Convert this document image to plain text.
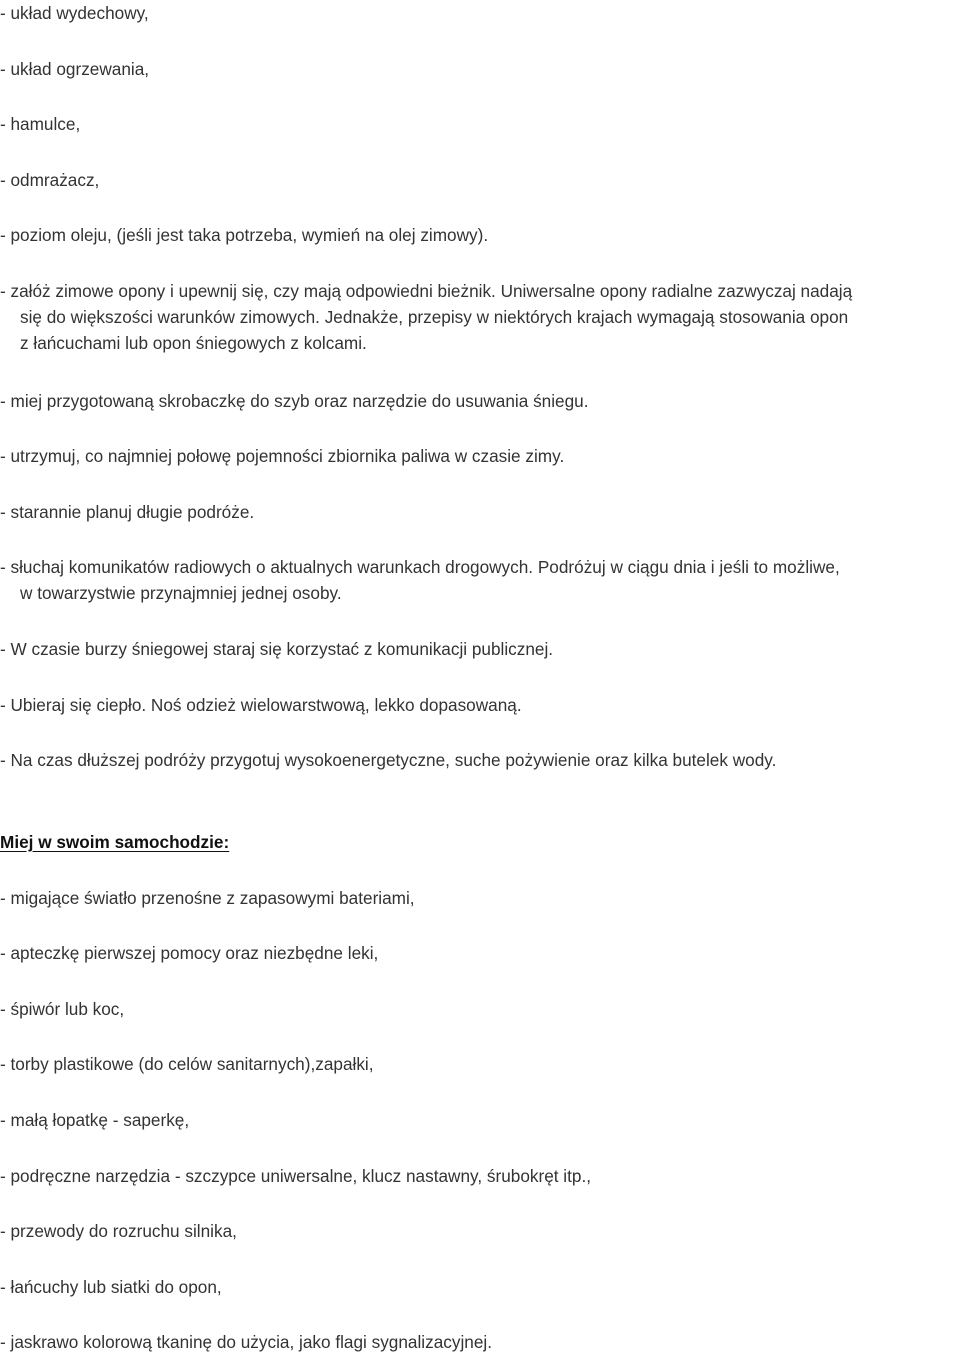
- układ wydechowy,

- układ ogrzewania,

- hamulce,

- odmrażacz,

- poziom oleju, (jeśli jest taka potrzeba, wymień na olej zimowy).

- załóż zimowe opony i upewnij się, czy mają odpowiedni bieżnik. Uniwersalne opony radialne zazwyczaj nadają
się do większości warunków zimowych. Jednakże, przepisy w niektórych krajach wymagają stosowania opon
z łańcuchami lub opon śniegowych z kolcami.

- miej przygotowaną skrobaczkę do szyb oraz narzędzie do usuwania śniegu.

- utrzymuj, co najmniej połowę pojemności zbiornika paliwa w czasie zimy.

- starannie planuj długie podróże.

- słuchaj komunikatów radiowych o aktualnych warunkach drogowych. Podróżuj w ciągu dnia i jeśli to możliwe,
w towarzystwie przynajmniej jednej osoby.

- W czasie burzy śniegowej staraj się korzystać z komunikacji publicznej.

- Ubieraj się ciepło. Noś odzież wielowarstwową, lekko dopasowaną.

- Na czas dłuższej podróży przygotuj wysokoenergetyczne, suche pożywienie oraz kilka butelek wody.

Miej w swoim samochodzie:

- migające światło przenośne z zapasowymi bateriami,

- apteczkę pierwszej pomocy oraz niezbędne leki,

- śpiwór lub koc,

- torby plastikowe (do celów sanitarnych),zapałki,

- małą łopatkę - saperkę,

- podręczne narzędzia - szczypce uniwersalne, klucz nastawny, śrubokręt itp.,

- przewody do rozruchu silnika,

- łańcuchy lub siatki do opon,

- jaskrawo kolorową tkaninę do użycia, jako flagi sygnalizacyjnej.
